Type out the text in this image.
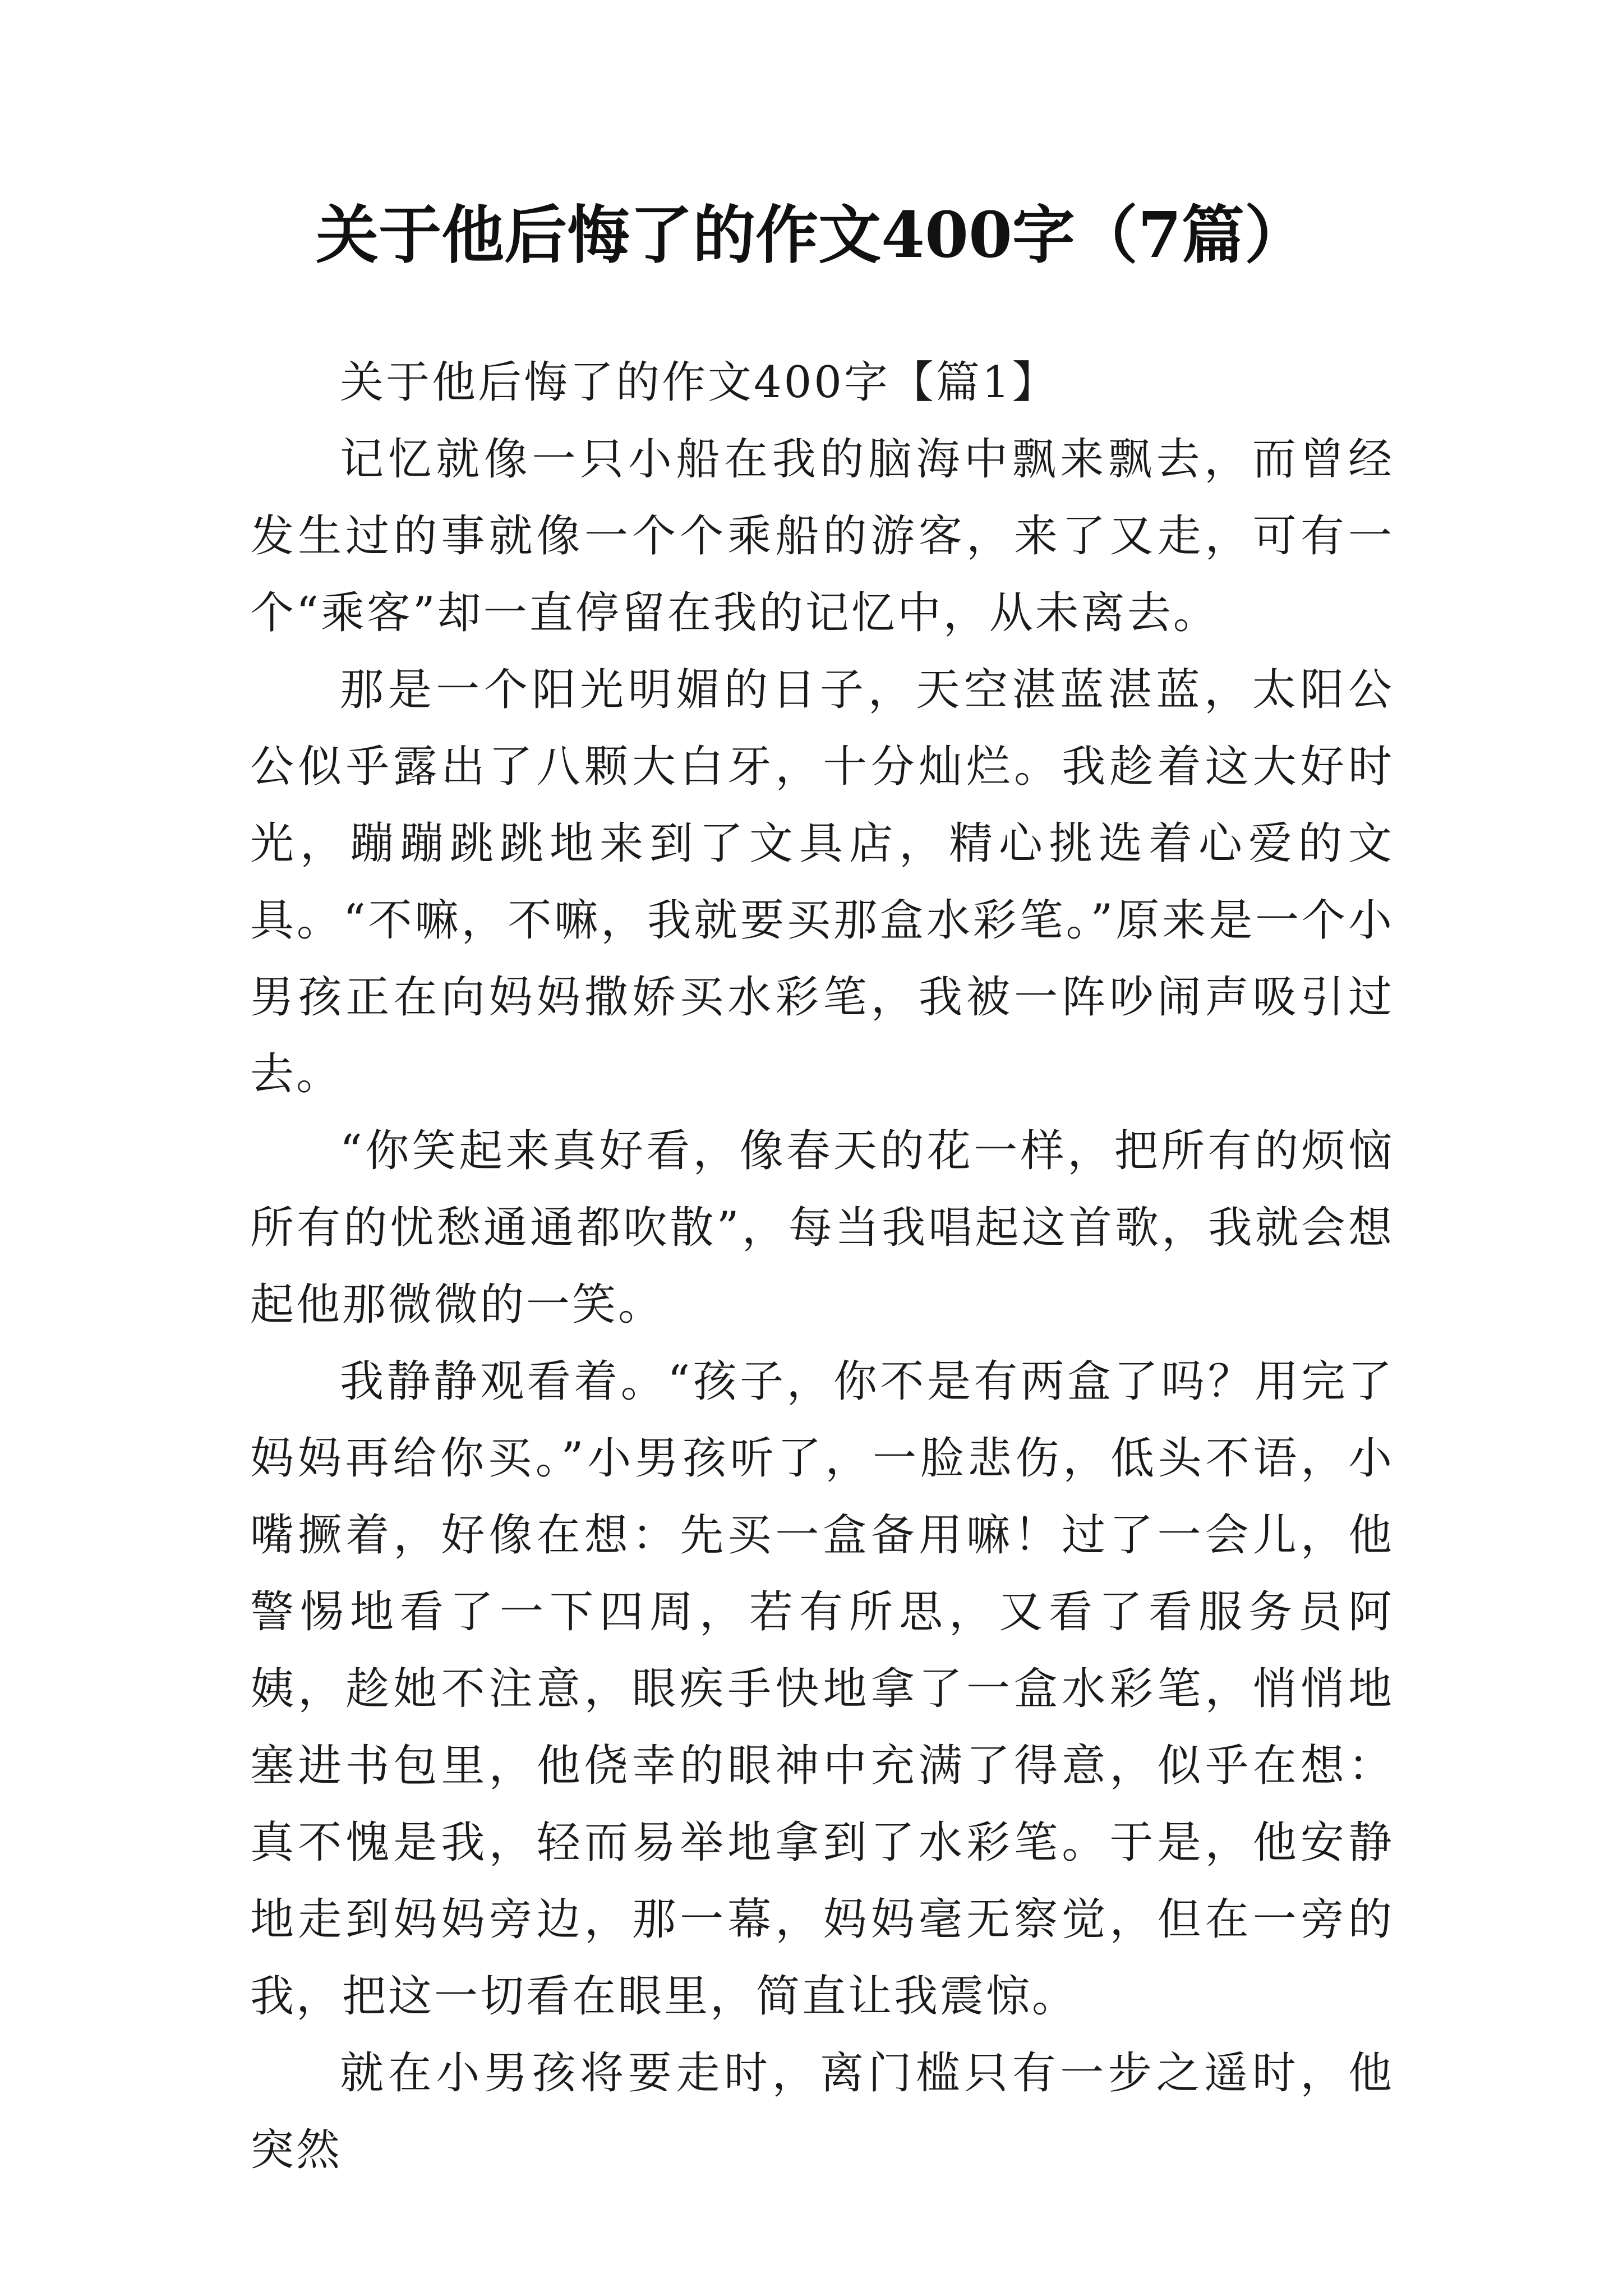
关于他后悔了的作文400字（7篇）

关于他后悔了的作文400字【篇1】

记忆就像一只小船在我的脑海中飘来飘去，而曾经发生过的事就像一个个乘船的游客，来了又走，可有一个“乘客”却一直停留在我的记忆中，从未离去。

那是一个阳光明媚的日子，天空湛蓝湛蓝，太阳公公似乎露出了八颗大白牙，十分灿烂。我趁着这大好时光，蹦蹦跳跳地来到了文具店，精心挑选着心爱的文具。“不嘛，不嘛，我就要买那盒水彩笔。”原来是一个小男孩正在向妈妈撒娇买水彩笔，我被一阵吵闹声吸引过去。

“你笑起来真好看，像春天的花一样，把所有的烦恼所有的忧愁通通都吹散”，每当我唱起这首歌，我就会想起他那微微的一笑。

我静静观看着。“孩子，你不是有两盒了吗？用完了妈妈再给你买。”小男孩听了，一脸悲伤，低头不语，小嘴撅着，好像在想：先买一盒备用嘛！过了一会儿，他警惕地看了一下四周，若有所思，又看了看服务员阿姨，趁她不注意，眼疾手快地拿了一盒水彩笔，悄悄地塞进书包里，他侥幸的眼神中充满了得意，似乎在想：真不愧是我，轻而易举地拿到了水彩笔。于是，他安静地走到妈妈旁边，那一幕，妈妈毫无察觉，但在一旁的我，把这一切看在眼里，简直让我震惊。

就在小男孩将要走时，离门槛只有一步之遥时，他突然
